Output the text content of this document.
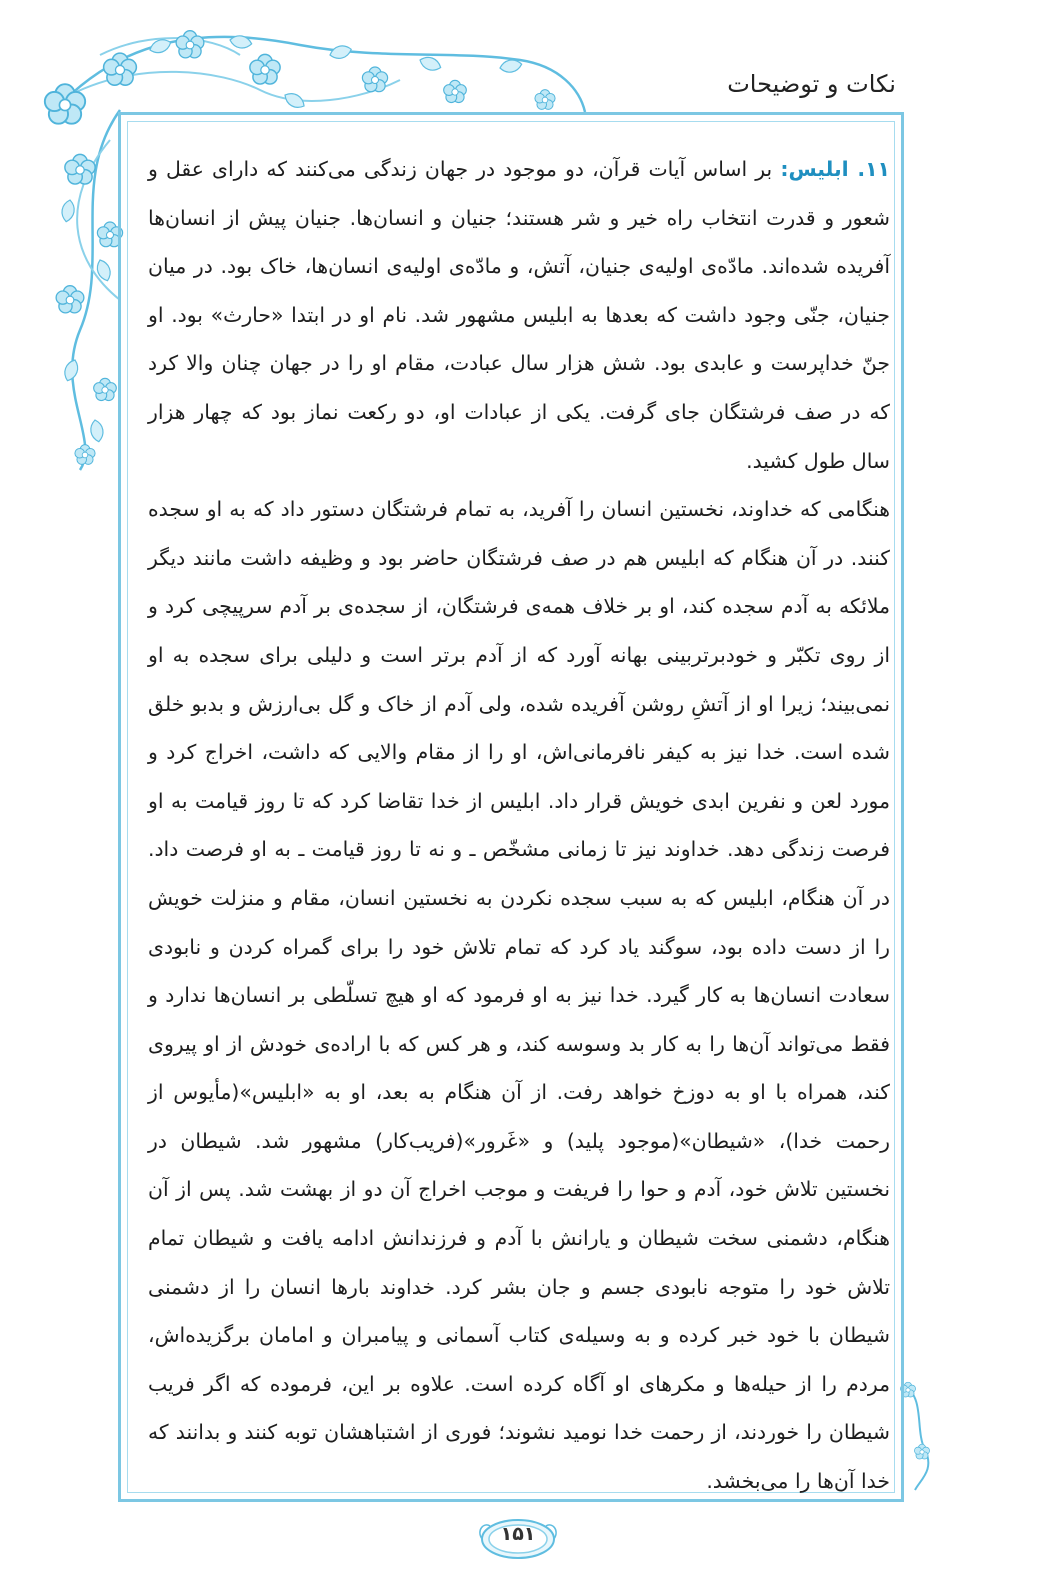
نکات و توضیحات

۱۱. ابلیس: بر اساس آیات قرآن، دو موجود در جهان زندگی می‌کنند که دارای عقل و شعور و قدرت انتخاب راه خیر و شر هستند؛ جنیان و انسان‌ها. جنیان پیش از انسان‌ها آفریده شده‌اند. مادّه‌ی اولیه‌ی جنیان، آتش، و مادّه‌ی اولیه‌ی انسان‌ها، خاک بود. در میان جنیان، جنّی وجود داشت که بعدها به ابلیس مشهور شد. نام او در ابتدا «حارث» بود. او جنّ خداپرست و عابدی بود. شش هزار سال عبادت، مقام او را در جهان چنان والا کرد که در صف فرشتگان جای گرفت. یکی از عبادات او، دو رکعت نماز بود که چهار هزار سال طول کشید.

هنگامی که خداوند، نخستین انسان را آفرید، به تمام فرشتگان دستور داد که به او سجده کنند. در آن هنگام که ابلیس هم در صف فرشتگان حاضر بود و وظیفه داشت مانند دیگر ملائکه به آدم سجده کند، او بر خلاف همه‌ی فرشتگان، از سجده‌ی بر آدم سرپیچی کرد و از روی تکبّر و خودبرتربینی بهانه آورد که از آدم برتر است و دلیلی برای سجده به او نمی‌بیند؛ زیرا او از آتشِ روشن آفریده شده، ولی آدم از خاک و گل بی‌ارزش و بدبو خلق شده است. خدا نیز به کیفر نافرمانی‌اش، او را از مقام والایی که داشت، اخراج کرد و مورد لعن و نفرین ابدی خویش قرار داد. ابلیس از خدا تقاضا کرد که تا روز قیامت به او فرصت زندگی دهد. خداوند نیز تا زمانی مشخّص ـ و نه تا روز قیامت ـ به او فرصت داد. در آن هنگام، ابلیس که به سبب سجده نکردن به نخستین انسان، مقام و منزلت خویش را از دست داده بود، سوگند یاد کرد که تمام تلاش خود را برای گمراه کردن و نابودی سعادت انسان‌ها به کار گیرد. خدا نیز به او فرمود که او هیچ تسلّطی بر انسان‌ها ندارد و فقط می‌تواند آن‌ها را به کار بد وسوسه کند، و هر کس که با اراده‌ی خودش از او پیروی کند، همراه با او به دوزخ خواهد رفت. از آن هنگام به بعد، او به «ابلیس»(مأیوس از رحمت خدا)، «شیطان»(موجود پلید) و «غَرور»(فریب‌کار) مشهور شد. شیطان در نخستین تلاش خود، آدم و حوا را فریفت و موجب اخراج آن دو از بهشت شد. پس از آن هنگام، دشمنی سخت شیطان و یارانش با آدم و فرزندانش ادامه یافت و شیطان تمام تلاش خود را متوجه نابودی جسم و جان بشر کرد. خداوند بارها انسان را از دشمنی شیطان با خود خبر کرده و به وسیله‌ی کتاب آسمانی و پیامبران و امامان برگزیده‌اش، مردم را از حیله‌ها و مکرهای او آگاه کرده است. علاوه بر این، فرموده که اگر فریب شیطان را خوردند، از رحمت خدا نومید نشوند؛ فوری از اشتباهشان توبه کنند و بدانند که خدا آن‌ها را می‌بخشد.

۱۵۱
